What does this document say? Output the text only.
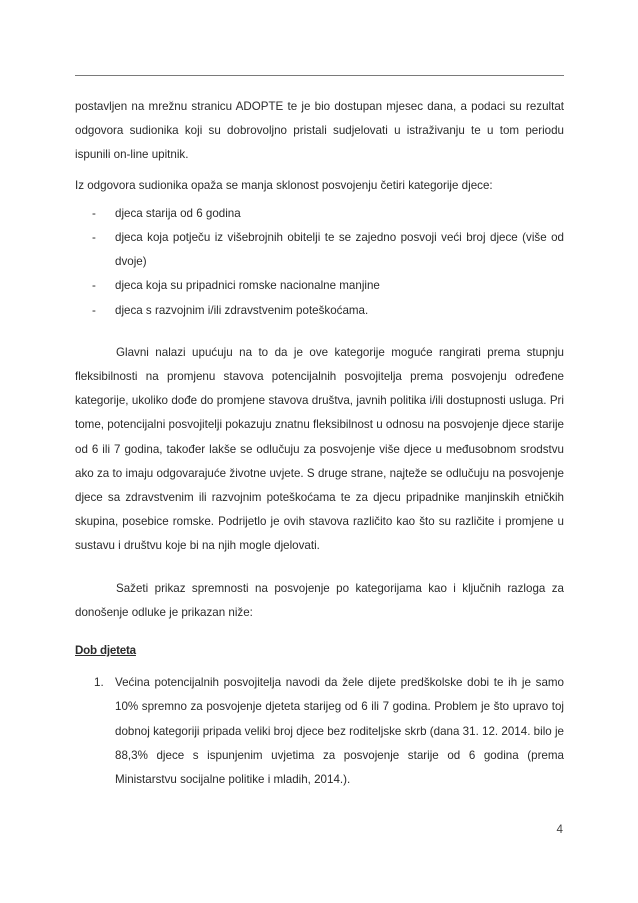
postavljen na mrežnu stranicu ADOPTE te je bio dostupan mjesec dana, a podaci su rezultat odgovora sudionika koji su dobrovoljno pristali sudjelovati u istraživanju te u tom periodu ispunili on-line upitnik.

Iz odgovora sudionika opaža se manja sklonost posvojenju četiri kategorije djece:

- djeca starija od 6 godina
- djeca koja potječu iz višebrojnih obitelji te se zajedno posvoji veći broj djece (više od dvoje)
- djeca koja su pripadnici romske nacionalne manjine
- djeca s razvojnim i/ili zdravstvenim poteškoćama.

Glavni nalazi upućuju na to da je ove kategorije moguće rangirati prema stupnju fleksibilnosti na promjenu stavova potencijalnih posvojitelja prema posvojenju određene kategorije, ukoliko dođe do promjene stavova društva, javnih politika i/ili dostupnosti usluga. Pri tome, potencijalni posvojitelji pokazuju znatnu fleksibilnost u odnosu na posvojenje djece starije od 6 ili 7 godina, također lakše se odlučuju za posvojenje više djece u međusobnom srodstvu ako za to imaju odgovarajuće životne uvjete. S druge strane, najteže se odlučuju na posvojenje djece sa zdravstvenim ili razvojnim poteškoćama te za djecu pripadnike manjinskih etničkih skupina, posebice romske. Podrijetlo je ovih stavova različito kao što su različite i promjene u sustavu i društvu koje bi na njih mogle djelovati.

Sažeti prikaz spremnosti na posvojenje po kategorijama kao i ključnih razloga za donošenje odluke je prikazan niže:

Dob djeteta

1. Većina potencijalnih posvojitelja navodi da žele dijete predškolske dobi te ih je samo 10% spremno za posvojenje djeteta starijeg od 6 ili 7 godina. Problem je što upravo toj dobnoj kategoriji pripada veliki broj djece bez roditeljske skrb (dana 31. 12. 2014. bilo je 88,3% djece s ispunjenim uvjetima za posvojenje starije od 6 godina (prema Ministarstvu socijalne politike i mladih, 2014.).
4
